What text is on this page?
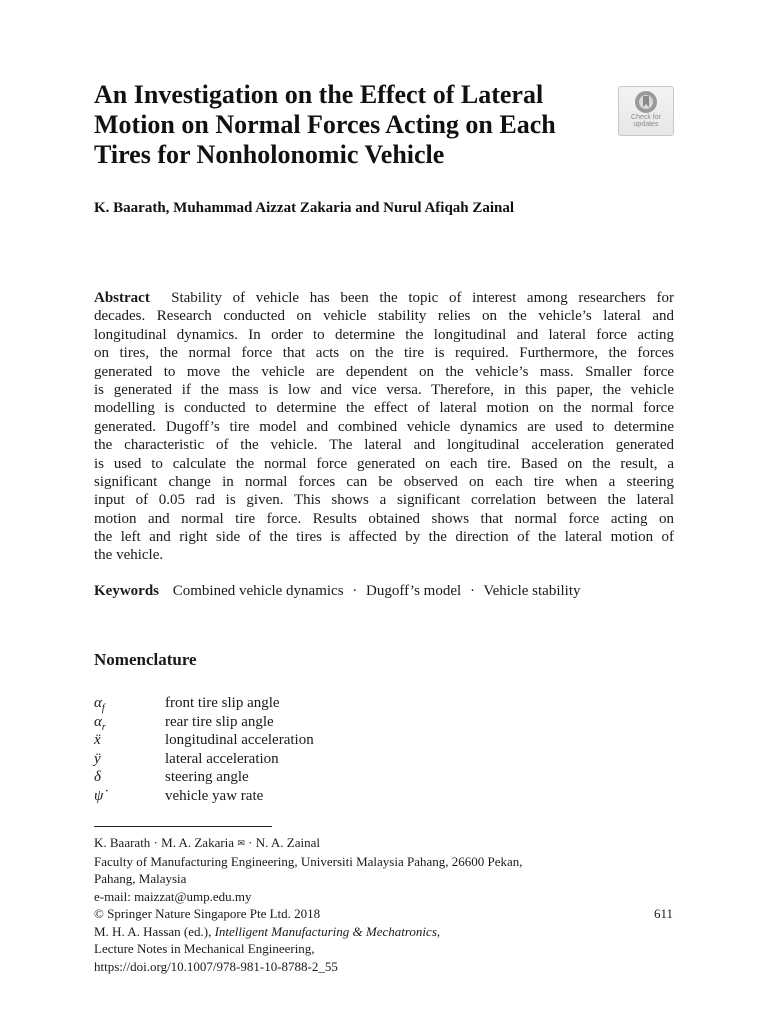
An Investigation on the Effect of Lateral
Motion on Normal Forces Acting on Each
Tires for Nonholonomic Vehicle
Check for
updates
K. Baarath, Muhammad Aizzat Zakaria and Nurul Afiqah Zainal
Abstract Stability of vehicle has been the topic of interest among researchers for
decades. Research conducted on vehicle stability relies on the vehicle’s lateral and
longitudinal dynamics. In order to determine the longitudinal and lateral force acting
on tires, the normal force that acts on the tire is required. Furthermore, the forces
generated to move the vehicle are dependent on the vehicle’s mass. Smaller force
is generated if the mass is low and vice versa. Therefore, in this paper, the vehicle
modelling is conducted to determine the effect of lateral motion on the normal force
generated. Dugoff’s tire model and combined vehicle dynamics are used to determine
the characteristic of the vehicle. The lateral and longitudinal acceleration generated
is used to calculate the normal force generated on each tire. Based on the result, a
significant change in normal forces can be observed on each tire when a steering
input of 0.05 rad is given. This shows a significant correlation between the lateral
motion and normal tire force. Results obtained shows that normal force acting on
the left and right side of the tires is affected by the direction of the lateral motion of
the vehicle.
Keywords Combined vehicle dynamics · Dugoff’s model · Vehicle stability
Nomenclature
$\alpha_f$	front tire slip angle
$\alpha_r$	rear tire slip angle
ẍ	longitudinal acceleration
ÿ	lateral acceleration
δ	steering angle
ψ̇	vehicle yaw rate
K. Baarath · M. A. Zakaria ✉ · N. A. Zainal
Faculty of Manufacturing Engineering, Universiti Malaysia Pahang, 26600 Pekan,
Pahang, Malaysia
e-mail: maizzat@ump.edu.my
© Springer Nature Singapore Pte Ltd. 2018
M. H. A. Hassan (ed.), Intelligent Manufacturing & Mechatronics,
Lecture Notes in Mechanical Engineering,
https://doi.org/10.1007/978-981-10-8788-2_55
611
